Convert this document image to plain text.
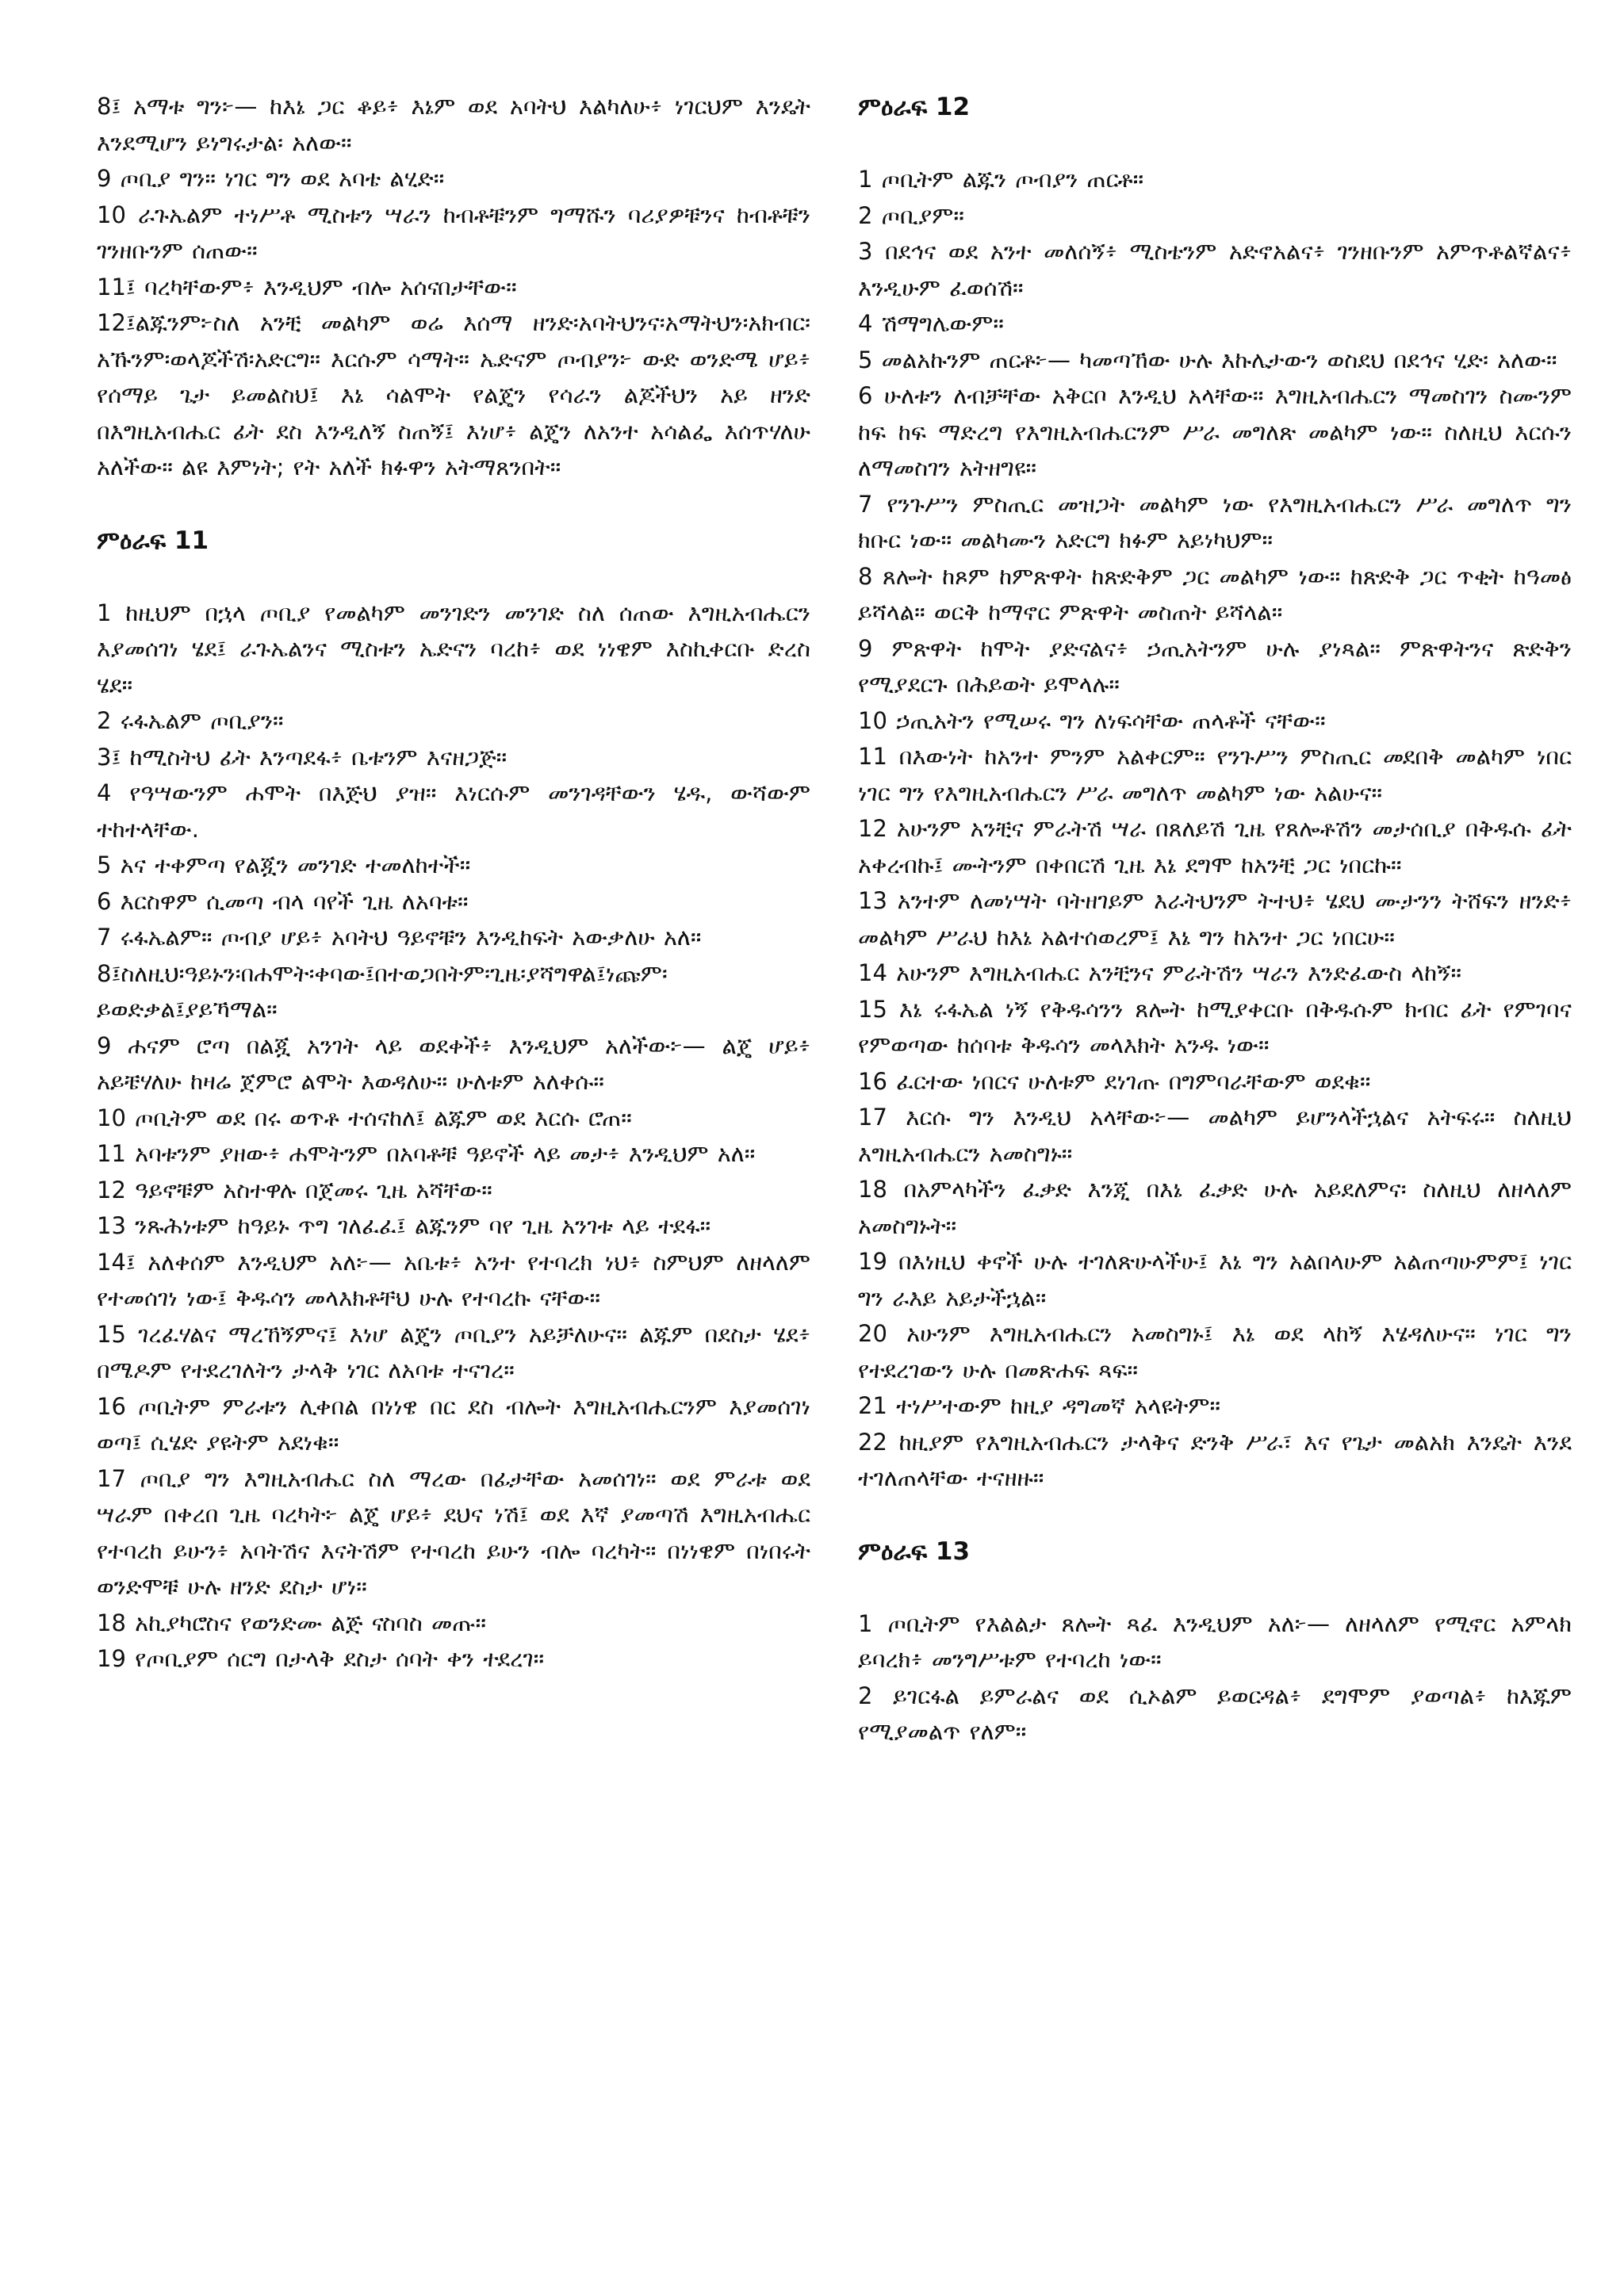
8፤ አማቱ ግን፦— ከእኔ ጋር ቆይ፥ እኔም ወደ አባትህ እልካለሁ፥ ነገርህም እንዴት እንደሚሆን ይነግሩታል፡ አለው።

9 ጦቢያ ግን። ነገር ግን ወደ አባቴ ልሂድ።

10 ራጉኤልም ተነሥቶ ሚስቱን ሣራን ከብቶቹንም ግማሹን ባሪያዎቹንና ከብቶቹን ገንዘቡንም ሰጠው።

11፤ ባረካቸውም፥ እንዲህም ብሎ አሰናበታቸው።

12፤ልጁንም፦ስለ አንቺ መልካም ወሬ እሰማ ዘንድ፡አባትህንና፡አማትህን፡አክብር፡አኹንም፡ወላጆችሽ፡አድርግ። እርሱም ሳማት። ኤድናም ጦብያን፦ ውድ ወንድሜ ሆይ፥ የሰማይ ጌታ ይመልስህ፤ እኔ ሳልሞት የልጄን የሳራን ልጆችህን አይ ዘንድ በእግዚአብሔር ፊት ደስ እንዲለኝ ስጠኝ፤ እነሆ፥ ልጄን ለአንተ አሳልፌ እሰጥሃለሁ አለችው። ልዩ እምነት; የት አለች ክፉዋን አትማጸንበት።

ምዕራፍ 11

1 ከዚህም በኋላ ጦቢያ የመልካም መንገድን መንገድ ስለ ሰጠው እግዚአብሔርን እያመሰገነ ሄደ፤ ራጉኤልንና ሚስቱን ኤድናን ባረከ፥ ወደ ነነዌም እስኪቀርቡ ድረስ ሄደ።

2 ሩፋኤልም ጦቢያን።

3፤ ከሚስትህ ፊት እንጣደፋ፥ ቤቱንም እናዘጋጅ።

4 የዓሣውንም ሐሞት በእጅህ ያዝ። እነርሱም መንገዳቸውን ሄዱ, ውሻውም ተከተላቸው.

5 አና ተቀምጣ የልጇን መንገድ ተመለከተች።

6 እርስዋም ሲመጣ ብላ ባየች ጊዜ ለአባቱ።

7 ሩፋኤልም። ጦብያ ሆይ፥ አባትህ ዓይኖቹን እንዲከፍት አውቃለሁ አለ።

8፤ስለዚህ፡ዓይኑን፡በሐሞት፡ቀባው፤በተወጋበትም፡ጊዜ፡ያሻግዋል፤ነጩም፡ይወድቃል፤ያይኻማል።

9 ሐናም ሮጣ በልጇ አንገት ላይ ወደቀች፥ እንዲህም አለችው፦— ልጄ ሆይ፥ አይቼሃለሁ ከዛሬ ጀምሮ ልሞት እወዳለሁ። ሁለቱም አለቀሱ።

10 ጦቢትም ወደ በሩ ወጥቶ ተሰናከለ፤ ልጁም ወደ እርሱ ሮጠ።

11 አባቱንም ያዘው፥ ሐሞትንም በአባቶቹ ዓይኖች ላይ መታ፥ እንዲህም አለ።

12 ዓይኖቹም አስተዋሉ በጀመሩ ጊዜ አሻቸው።

13 ንጹሕነቱም ከዓይኑ ጥግ ገለፈፈ፤ ልጁንም ባየ ጊዜ አንገቱ ላይ ተደፋ።

14፤ አለቀሰም እንዲህም አለ፦— አቤቱ፥ አንተ የተባረክ ነህ፥ ስምህም ለዘላለም የተመሰገነ ነው፤ ቅዱሳን መላእክቶቸህ ሁሉ የተባረኩ ናቸው።

15 ገረፈሃልና ማረኸኝምና፤ እነሆ ልጄን ጦቢያን አይቻለሁና። ልጁም በደስታ ሄደ፥ በሜዶም የተደረገለትን ታላቅ ነገር ለአባቱ ተናገረ።

16 ጦቢትም ምራቱን ሊቀበል በነነዌ በር ደስ ብሎት እግዚአብሔርንም እያመሰገነ ወጣ፤ ሲሄድ ያዩትም አደነቁ።

17 ጦቢያ ግን እግዚአብሔር ስለ ማረው በፊታቸው አመሰገነ። ወደ ምራቱ ወደ ሣራም በቀረበ ጊዜ ባረካት፦ ልጄ ሆይ፥ ደህና ነሽ፤ ወደ እኛ ያመጣሽ እግዚአብሔር የተባረከ ይሁን፥ አባትሽና እናትሽም የተባረከ ይሁን ብሎ ባረካት። በነነዌም በነበሩት ወንድሞቹ ሁሉ ዘንድ ደስታ ሆነ።

18 አኪያካሮስና የወንድሙ ልጅ ናስባስ መጡ።

19 የጦቢያም ሰርግ በታላቅ ደስታ ሰባት ቀን ተደረገ።

ምዕራፍ 12

1 ጦቢትም ልጁን ጦብያን ጠርቶ።

2 ጦቢያም።

3 በደኅና ወደ አንተ መለሰኝ፥ ሚስቴንም አድኖአልና፥ ገንዘቡንም አምጥቶልኛልና፥ እንዲሁም ፈወሰሽ።

4 ሽማግሌውም።

5 መልአኩንም ጠርቶ፦— ካመጣኸው ሁሉ እኩሌታውን ወስደህ በደኅና ሂድ፡ አለው።

6 ሁለቱን ለብቻቸው አቅርቦ እንዲህ አላቸው። እግዚአብሔርን ማመስገን ስሙንም ከፍ ከፍ ማድረግ የእግዚአብሔርንም ሥራ መግለጽ መልካም ነው። ስለዚህ እርሱን ለማመስገን አትዘግዩ።

7 የንጉሥን ምስጢር መዝጋት መልካም ነው የእግዚአብሔርን ሥራ መግለጥ ግን ክቡር ነው። መልካሙን አድርግ ክፉም አይነካህም።

8 ጸሎት ከጾም ከምጽዋት ከጽድቅም ጋር መልካም ነው። ከጽድቅ ጋር ጥቂት ከዓመፅ ይሻላል። ወርቅ ከማኖር ምጽዋት መስጠት ይሻላል።

9 ምጽዋት ከሞት ያድናልና፥ ኃጢአትንም ሁሉ ያነጻል። ምጽዋትንና ጽድቅን የሚያደርጉ በሕይወት ይሞላሉ።

10 ኃጢአትን የሚሠሩ ግን ለነፍሳቸው ጠላቶች ናቸው።

11 በእውነት ከአንተ ምንም አልቀርም። የንጉሥን ምስጢር መደበቅ መልካም ነበር ነገር ግን የእግዚአብሔርን ሥራ መግለጥ መልካም ነው አልሁና።

12 አሁንም አንቺና ምራትሽ ሣራ በጸለይሽ ጊዜ የጸሎቶሽን መታሰቢያ በቅዱሱ ፊት አቀረብኩ፤ ሙትንም በቀበርሽ ጊዜ እኔ ደግሞ ከአንቺ ጋር ነበርኩ።

13 አንተም ለመነሣት ባትዘገይም እራትህንም ትተህ፥ ሄደህ ሙታንን ትሸፍን ዘንድ፥ መልካም ሥራህ ከእኔ አልተሰወረም፤ እኔ ግን ከአንተ ጋር ነበርሁ።

14 አሁንም እግዚአብሔር አንቺንና ምራትሽን ሣራን እንድፈውስ ላከኝ።

15 እኔ ሩፋኤል ነኝ የቅዱሳንን ጸሎት ከሚያቀርቡ በቅዱሱም ክብር ፊት የምገባና የምወጣው ከሰባቱ ቅዱሳን መላእክት አንዱ ነው።

16 ፈርተው ነበርና ሁለቱም ደነገጡ በግምባራቸውም ወደቁ።

17 እርሱ ግን እንዲህ አላቸው፦— መልካም ይሆንላችኋልና አትፍሩ። ስለዚህ እግዚአብሔርን አመስግኑ።

18 በአምላካችን ፈቃድ እንጂ በእኔ ፈቃድ ሁሉ አይደለምና፡ ስለዚህ ለዘላለም አመስግኑት።

19 በእነዚህ ቀኖች ሁሉ ተገለጽሁላችሁ፤ እኔ ግን አልበላሁም አልጠጣሁምም፤ ነገር ግን ራእይ አይታችኋል።

20 አሁንም እግዚአብሔርን አመስግኑ፤ እኔ ወደ ላከኝ እሄዳለሁና። ነገር ግን የተደረገውን ሁሉ በመጽሐፍ ጻፍ።

21 ተነሥተውም ከዚያ ዳግመኛ አላዩትም።

22 ከዚያም የእግዚአብሔርን ታላቅና ድንቅ ሥራ፣ እና የጌታ መልአክ እንዴት እንደ ተገለጠላቸው ተናዘዙ።

ምዕራፍ 13

1 ጦቢትም የእልልታ ጸሎት ጻፈ እንዲህም አለ፦— ለዘላለም የሚኖር አምላክ ይባረክ፥ መንግሥቱም የተባረከ ነው።

2 ይገርፋል ይምራልና ወደ ሲኦልም ይወርዳል፥ ደግሞም ያወጣል፥ ከእጁም የሚያመልጥ የለም።
